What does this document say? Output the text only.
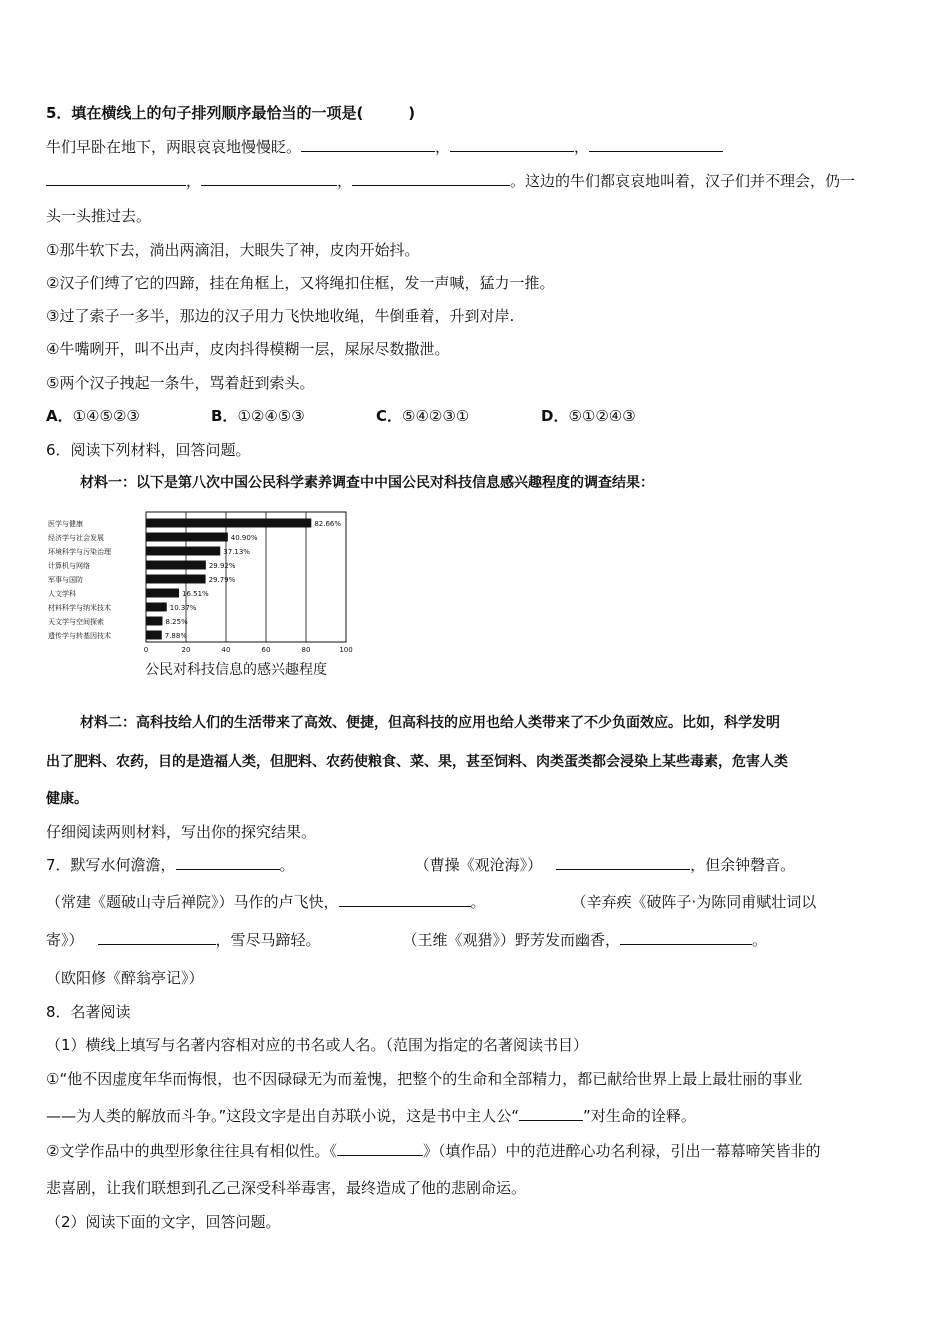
5．填在横线上的句子排列顺序最恰当的一项是(　　　)
牛们早卧在地下，两眼哀哀地慢慢眨。	，	，
，	，	。这边的牛们都哀哀地叫着，汉子们并不理会，仍一
头一头推过去。
①那牛软下去，淌出两滴泪，大眼失了神，皮肉开始抖。
②汉子们缚了它的四蹄，挂在角框上，又将绳扣住框，发一声喊，猛力一推。
③过了索子一多半，那边的汉子用力飞快地收绳，牛倒垂着，升到对岸.
④牛嘴咧开，叫不出声，皮肉抖得模糊一层，屎尿尽数撒泄。
⑤两个汉子拽起一条牛，骂着赶到索头。
A．①④⑤②③	B．①②④⑤③	C．⑤④②③①	D．⑤①②④③
6．阅读下列材料，回答问题。
材料一：以下是第八次中国公民科学素养调查中中国公民对科技信息感兴趣程度的调查结果：
医学与健康
经济学与社会发展
环境科学与污染治理
计算机与网络
军事与国防
人文学科
材料科学与纳米技术
天文学与空间探索
遗传学与转基因技术
82.66%
40.90%
37.13%
29.92%
29.79%
16.51%
10.37%
8.25%
7.88%
0	20	40	60	80	100
公民对科技信息的感兴趣程度
材料二：高科技给人们的生活带来了高效、便捷，但高科技的应用也给人类带来了不少负面效应。比如，科学发明
出了肥料、农药，目的是造福人类，但肥料、农药使粮食、菜、果，甚至饲料、肉类蛋类都会浸染上某些毒素，危害人类
健康。
仔细阅读两则材料，写出你的探究结果。
7．默写水何澹澹，	。	（曹操《观沧海》）	，但余钟磬音。
（常建《题破山寺后禅院》）马作的卢飞快，	。	（辛弃疾《破阵子·为陈同甫赋壮词以
寄》）	，雪尽马蹄轻。	（王维《观猎》）野芳发而幽香，	。
（欧阳修《醉翁亭记》）
8．名著阅读
（1）横线上填写与名著内容相对应的书名或人名。（范围为指定的名著阅读书目）
①“他不因虚度年华而悔恨，也不因碌碌无为而羞愧，把整个的生命和全部精力，都已献给世界上最上最壮丽的事业
——为人类的解放而斗争。”这段文字是出自苏联小说，这是书中主人公“	”对生命的诠释。
②文学作品中的典型形象往往具有相似性。《	》（填作品）中的范进醉心功名利禄，引出一幕幕啼笑皆非的
悲喜剧，让我们联想到孔乙己深受科举毒害，最终造成了他的悲剧命运。
（2）阅读下面的文字，回答问题。
